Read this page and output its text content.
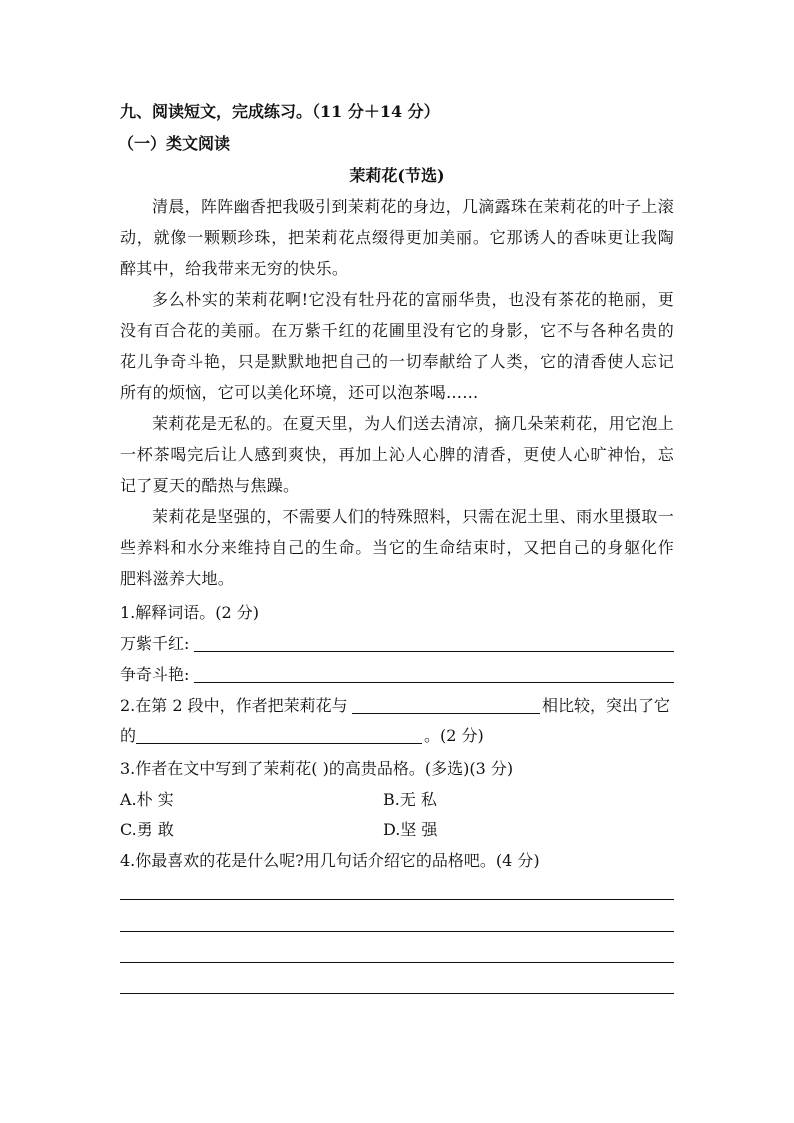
九、阅读短文，完成练习。（11 分＋14 分）
（一）类文阅读
茉莉花(节选)
清晨，阵阵幽香把我吸引到茉莉花的身边，几滴露珠在茉莉花的叶子上滚动，就像一颗颗珍珠，把茉莉花点缀得更加美丽。它那诱人的香味更让我陶醉其中，给我带来无穷的快乐。
多么朴实的茉莉花啊!它没有牡丹花的富丽华贵，也没有茶花的艳丽，更没有百合花的美丽。在万紫千红的花圃里没有它的身影，它不与各种名贵的花儿争奇斗艳，只是默默地把自己的一切奉献给了人类，它的清香使人忘记所有的烦恼，它可以美化环境，还可以泡茶喝……
茉莉花是无私的。在夏天里，为人们送去清凉，摘几朵茉莉花，用它泡上一杯茶喝完后让人感到爽快，再加上沁人心脾的清香，更使人心旷神怡，忘记了夏天的酷热与焦躁。
茉莉花是坚强的，不需要人们的特殊照料，只需在泥土里、雨水里摄取一些养料和水分来维持自己的生命。当它的生命结束时，又把自己的身躯化作肥料滋养大地。
1.解释词语。(2 分)
万紫千红:
争奇斗艳:
2.在第 2 段中，作者把茉莉花与	相比较，突出了它
的	。(2 分)
3.作者在文中写到了茉莉花( )的高贵品格。(多选)(3 分)
A.朴 实	B.无 私
C.勇 敢	D.坚 强
4.你最喜欢的花是什么呢?用几句话介绍它的品格吧。(4 分)
